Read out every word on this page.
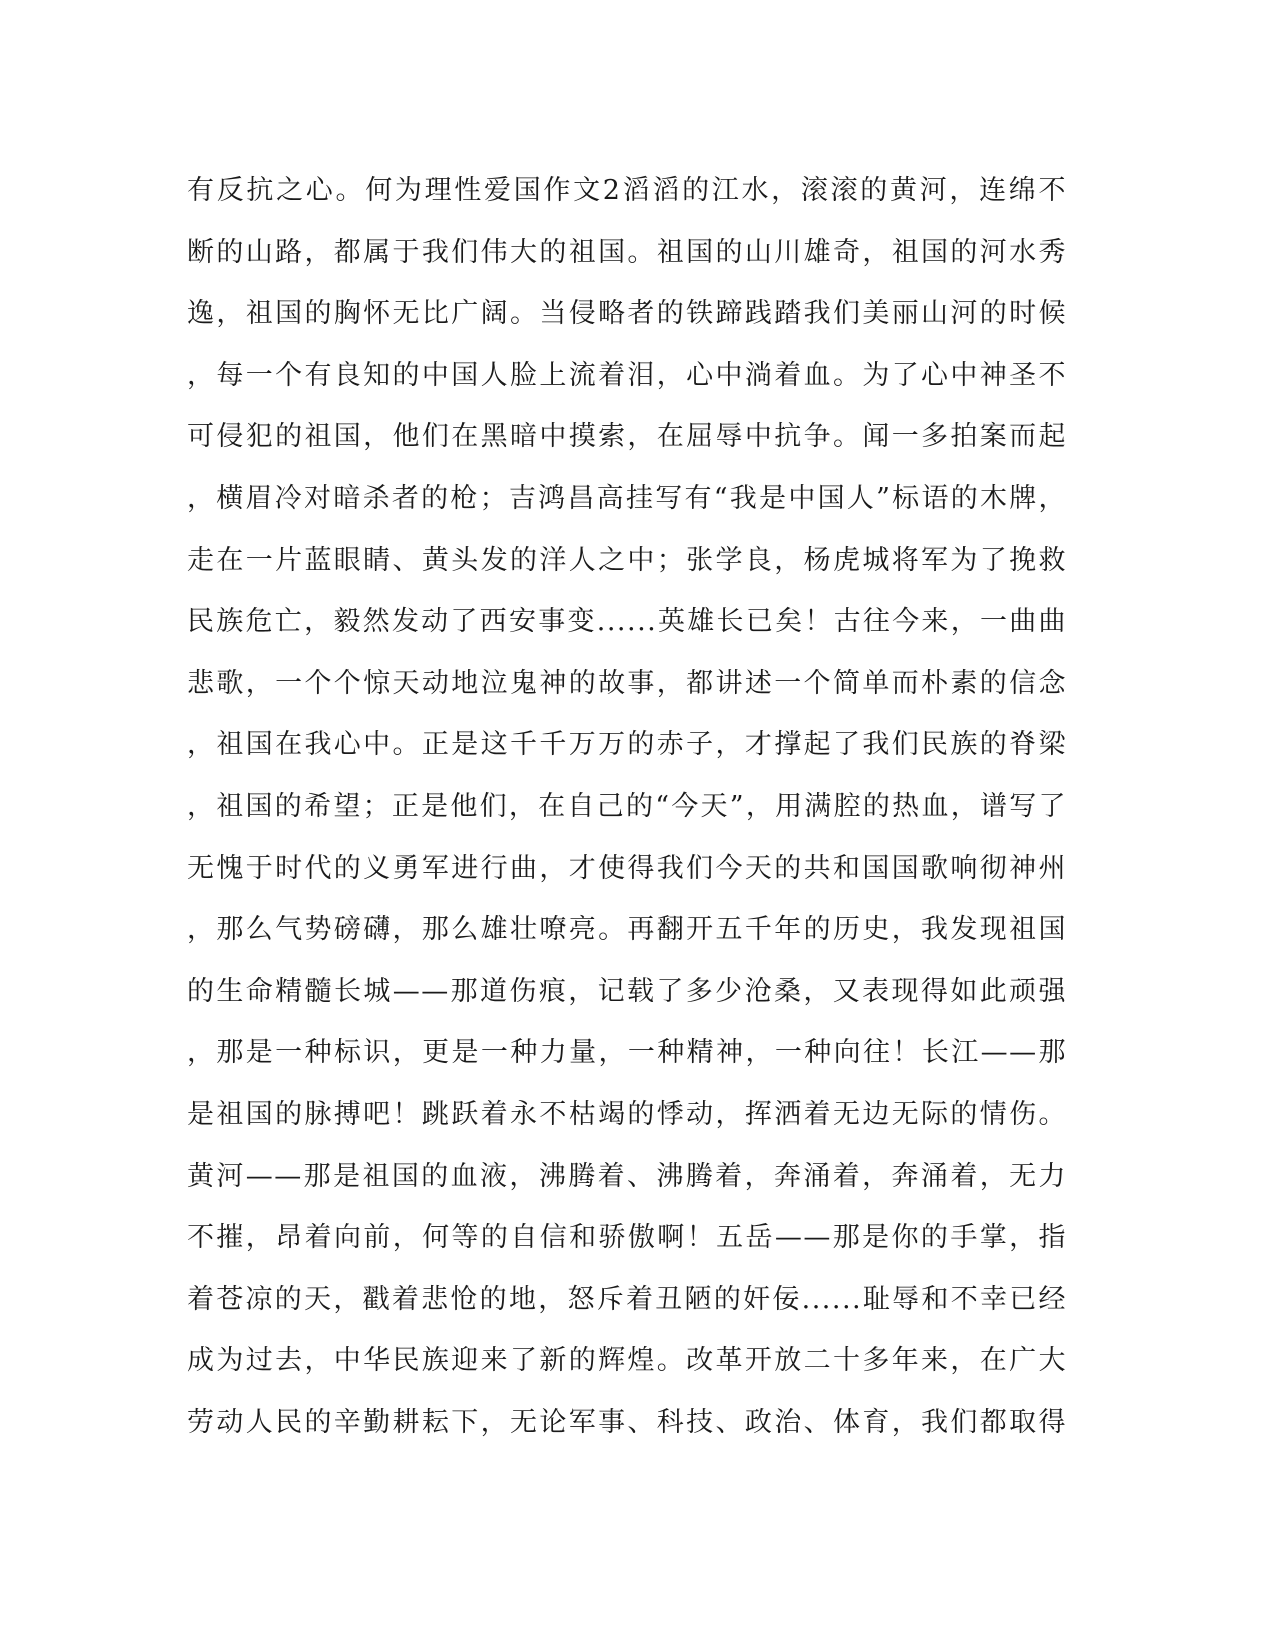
有反抗之心。何为理性爱国作文2滔滔的江水，滚滚的黄河，连绵不
断的山路，都属于我们伟大的祖国。祖国的山川雄奇，祖国的河水秀
逸，祖国的胸怀无比广阔。当侵略者的铁蹄践踏我们美丽山河的时候
，每一个有良知的中国人脸上流着泪，心中淌着血。为了心中神圣不
可侵犯的祖国，他们在黑暗中摸索，在屈辱中抗争。闻一多拍案而起
，横眉冷对暗杀者的枪；吉鸿昌高挂写有“我是中国人”标语的木牌，
走在一片蓝眼睛、黄头发的洋人之中；张学良，杨虎城将军为了挽救
民族危亡，毅然发动了西安事变......英雄长已矣！古往今来，一曲曲
悲歌，一个个惊天动地泣鬼神的故事，都讲述一个简单而朴素的信念
，祖国在我心中。正是这千千万万的赤子，才撑起了我们民族的脊梁
，祖国的希望；正是他们，在自己的“今天”，用满腔的热血，谱写了
无愧于时代的义勇军进行曲，才使得我们今天的共和国国歌响彻神州
，那么气势磅礴，那么雄壮嘹亮。再翻开五千年的历史，我发现祖国
的生命精髓长城——那道伤痕，记载了多少沧桑，又表现得如此顽强
，那是一种标识，更是一种力量，一种精神，一种向往！长江——那
是祖国的脉搏吧！跳跃着永不枯竭的悸动，挥洒着无边无际的情伤。
黄河——那是祖国的血液，沸腾着、沸腾着，奔涌着，奔涌着，无力
不摧，昂着向前，何等的自信和骄傲啊！五岳——那是你的手掌，指
着苍凉的天，戳着悲怆的地，怒斥着丑陋的奸佞......耻辱和不幸已经
成为过去，中华民族迎来了新的辉煌。改革开放二十多年来，在广大
劳动人民的辛勤耕耘下，无论军事、科技、政治、体育，我们都取得
